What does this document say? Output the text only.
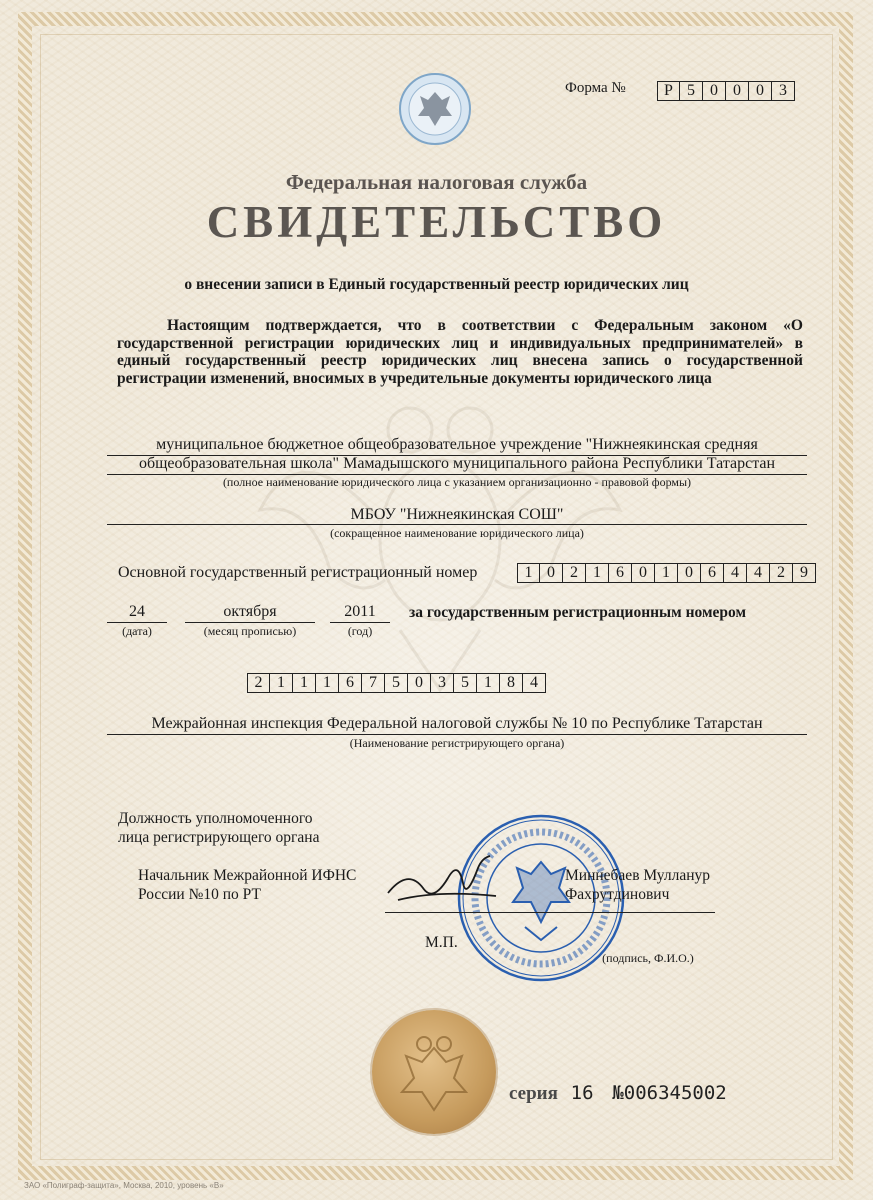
Форма №	Р 5 0 0 0 3
Федеральная налоговая служба
СВИДЕТЕЛЬСТВО
о внесении записи в Единый государственный реестр юридических лиц
Настоящим подтверждается, что в соответствии с Федеральным законом «О государственной регистрации юридических лиц и индивидуальных предпринимателей» в единый государственный реестр юридических лиц внесена запись о государственной регистрации изменений, вносимых в учредительные документы юридического лица
муниципальное бюджетное общеобразовательное учреждение "Нижнеякинская средняя
общеобразовательная школа" Мамадышского муниципального района Республики Татарстан
(полное наименование юридического лица с указанием организационно - правовой формы)
МБОУ "Нижнеякинская СОШ"
(сокращенное наименование юридического лица)
Основной государственный регистрационный номер	1 0 2 1 6 0 1 0 6 4 4 2 9
24
(дата)
октября
(месяц прописью)
2011
(год)
за государственным регистрационным номером
2 1 1 1 6 7 5 0 3 5 1 8 4
Межрайонная инспекция Федеральной налоговой службы № 10 по Республике Татарстан
(Наименование регистрирующего органа)
Должность уполномоченного
лица регистрирующего органа
Начальник Межрайонной ИФНС
России №10 по РТ
Миннебаев Муллануp
Фахрутдинович
М.П.
(подпись, Ф.И.О.)
серия 16 №006345002
ЗАО «Полиграф-защита», Москва, 2010, уровень «В»
